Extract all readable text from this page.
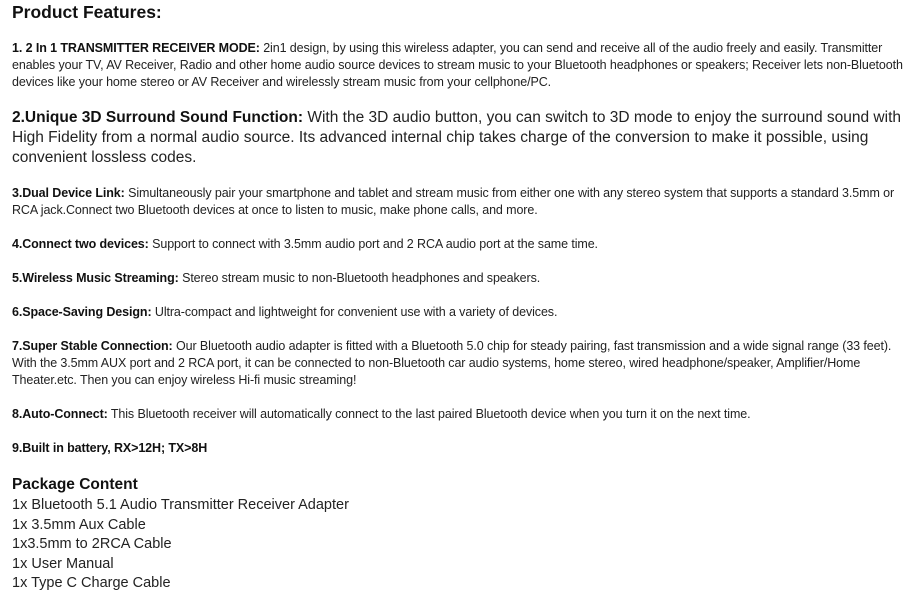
Product Features:
1. 2 In 1 TRANSMITTER RECEIVER MODE: 2in1 design, by using this wireless adapter, you can send and receive all of the audio freely and easily. Transmitter enables your TV, AV Receiver, Radio and other home audio source devices to stream music to your Bluetooth headphones or speakers; Receiver lets non-Bluetooth devices like your home stereo or AV Receiver and wirelessly stream music from your cellphone/PC.
2.Unique 3D Surround Sound Function: With the 3D audio button, you can switch to 3D mode to enjoy the surround sound with High Fidelity from a normal audio source. Its advanced internal chip takes charge of the conversion to make it possible, using convenient lossless codes.
3.Dual Device Link: Simultaneously pair your smartphone and tablet and stream music from either one with any stereo system that supports a standard 3.5mm or RCA jack.Connect two Bluetooth devices at once to listen to music, make phone calls, and more.
4.Connect two devices: Support to connect with 3.5mm audio port and 2 RCA audio port at the same time.
5.Wireless Music Streaming: Stereo stream music to non-Bluetooth headphones and speakers.
6.Space-Saving Design: Ultra-compact and lightweight for convenient use with a variety of devices.
7.Super Stable Connection: Our Bluetooth audio adapter is fitted with a Bluetooth 5.0 chip for steady pairing, fast transmission and a wide signal range (33 feet). With the 3.5mm AUX port and 2 RCA port, it can be connected to non-Bluetooth car audio systems, home stereo, wired headphone/speaker, Amplifier/Home Theater.etc. Then you can enjoy wireless Hi-fi music streaming!
8.Auto-Connect: This Bluetooth receiver will automatically connect to the last paired Bluetooth device when you turn it on the next time.
9.Built in battery, RX>12H; TX>8H
Package Content
1x Bluetooth 5.1 Audio Transmitter Receiver Adapter
1x 3.5mm Aux Cable
1x3.5mm to 2RCA Cable
1x User Manual
1x Type C Charge Cable
